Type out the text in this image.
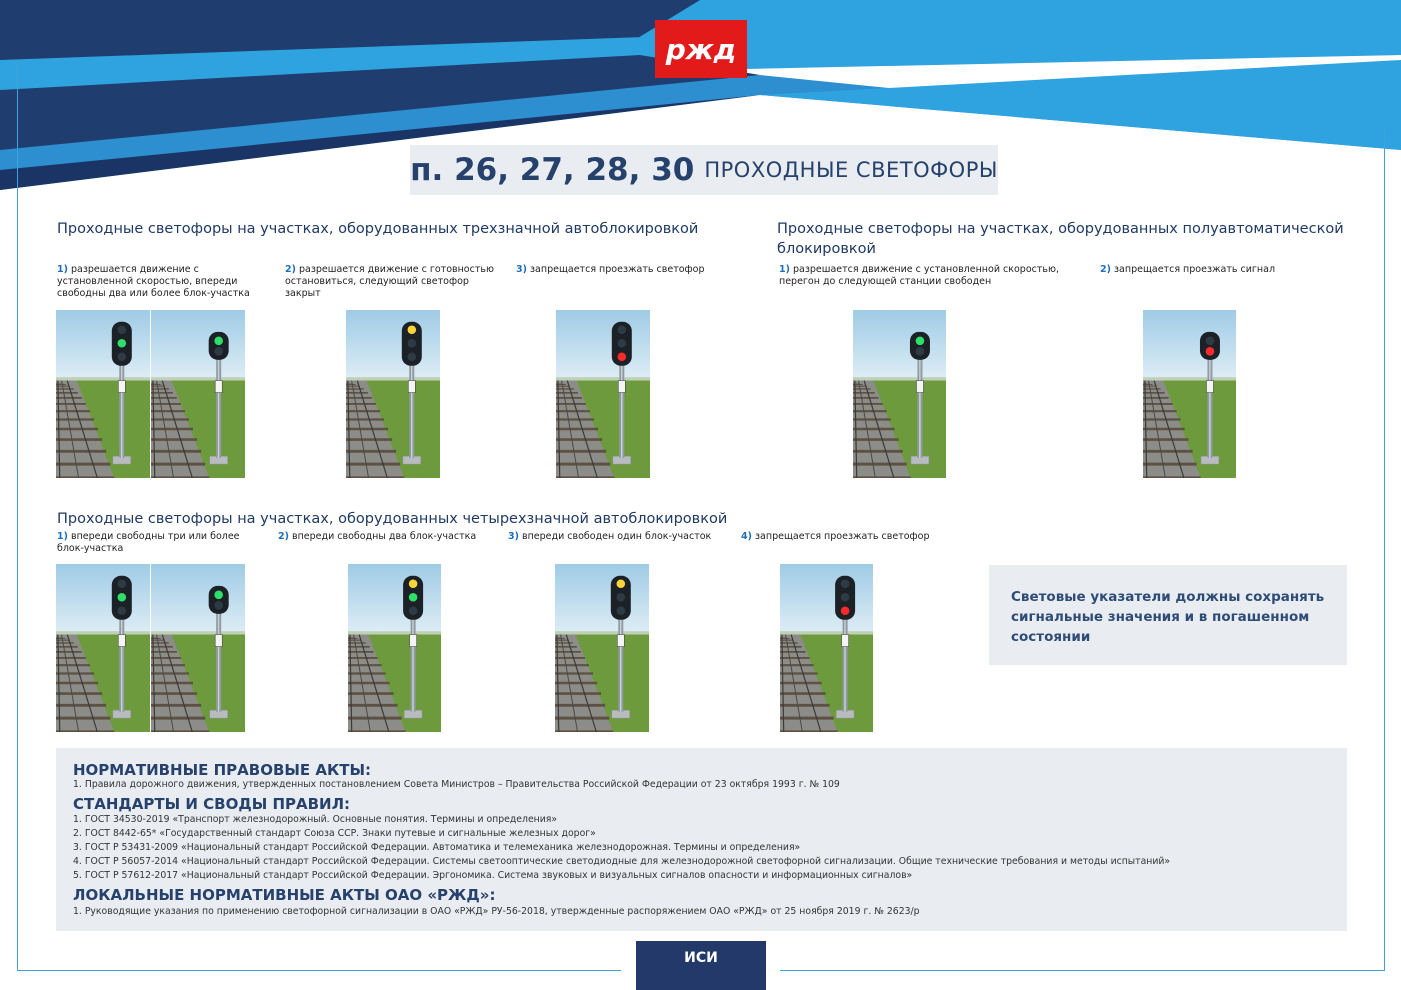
ржд
п. 26, 27, 28, 30 ПРОХОДНЫЕ СВЕТОФОРЫ
Проходные светофоры на участках, оборудованных трехзначной автоблокировкой
1) разрешается движение с установленной скоростью, впереди свободны два или более блок-участка
2) разрешается движение с готовностью остановиться, следующий светофор закрыт
3) запрещается проезжать светофор
Проходные светофоры на участках, оборудованных полуавтоматической блокировкой
1) разрешается движение с установленной скоростью, перегон до следующей станции свободен
2) запрещается проезжать сигнал
Проходные светофоры на участках, оборудованных четырехзначной автоблокировкой
1) впереди свободны три или более блок-участка
2) впереди свободны два блок-участка	3) впереди свободен один блок-участок	4) запрещается проезжать светофор
Световые указатели должны сохранять сигнальные значения и в погашенном состоянии
НОРМАТИВНЫЕ ПРАВОВЫЕ АКТЫ:
1. Правила дорожного движения, утвержденных постановлением Совета Министров – Правительства Российской Федерации от 23 октября 1993 г. № 109
СТАНДАРТЫ И СВОДЫ ПРАВИЛ:
1. ГОСТ 34530-2019 «Транспорт железнодорожный. Основные понятия. Термины и определения»
2. ГОСТ 8442-65* «Государственный стандарт Союза ССР. Знаки путевые и сигнальные железных дорог»
3. ГОСТ Р 53431-2009 «Национальный стандарт Российской Федерации. Автоматика и телемеханика железнодорожная. Термины и определения»
4. ГОСТ Р 56057-2014 «Национальный стандарт Российской Федерации. Системы светооптические светодиодные для железнодорожной светофорной сигнализации. Общие технические требования и методы испытаний»
5. ГОСТ Р 57612-2017 «Национальный стандарт Российской Федерации. Эргономика. Система звуковых и визуальных сигналов опасности и информационных сигналов»
ЛОКАЛЬНЫЕ НОРМАТИВНЫЕ АКТЫ ОАО «РЖД»:
1. Руководящие указания по применению светофорной сигнализации в ОАО «РЖД» РУ-56-2018, утвержденные распоряжением ОАО «РЖД» от 25 ноября 2019 г. № 2623/р
ИСИ
